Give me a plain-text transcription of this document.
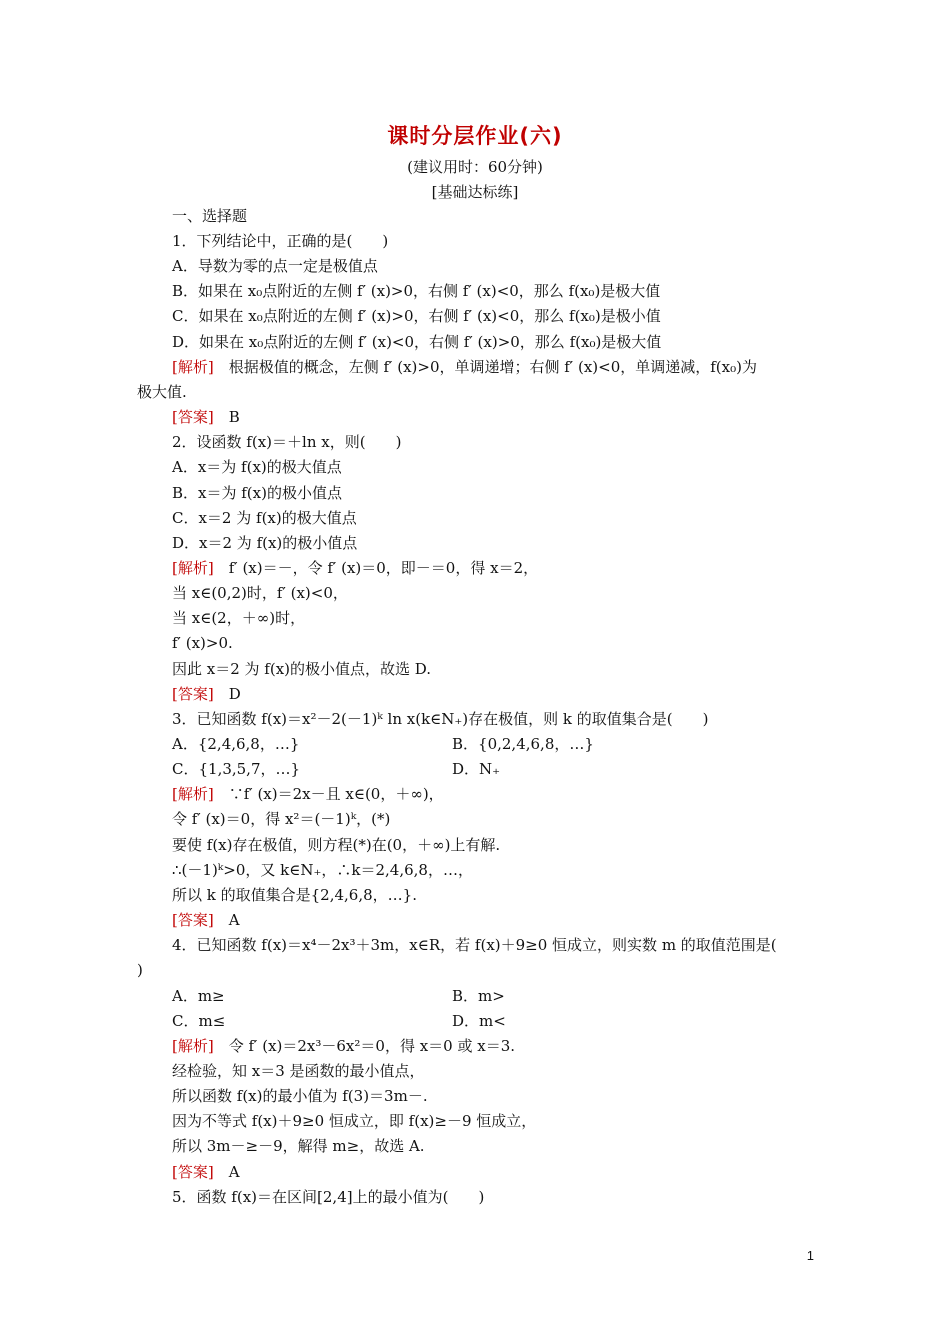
课时分层作业(六)
(建议用时：60分钟)
[基础达标练]
一、选择题
1．下列结论中，正确的是(　　)
A．导数为零的点一定是极值点
B．如果在 x₀点附近的左侧 f′ (x)>0，右侧 f′ (x)<0，那么 f(x₀)是极大值
C．如果在 x₀点附近的左侧 f′ (x)>0，右侧 f′ (x)<0，那么 f(x₀)是极小值
D．如果在 x₀点附近的左侧 f′ (x)<0，右侧 f′ (x)>0，那么 f(x₀)是极大值
[解析]　根据极值的概念，左侧 f′ (x)>0，单调递增；右侧 f′ (x)<0，单调递减，f(x₀)为
极大值.
[答案]　B
2．设函数 f(x)＝＋ln x，则(　　)
A．x＝为 f(x)的极大值点
B．x＝为 f(x)的极小值点
C．x＝2 为 f(x)的极大值点
D．x＝2 为 f(x)的极小值点
[解析]　f′ (x)＝－，令 f′ (x)＝0，即－＝0，得 x＝2，
当 x∈(0,2)时，f′ (x)<0，
当 x∈(2，＋∞)时，
f′ (x)>0.
因此 x＝2 为 f(x)的极小值点，故选 D.
[答案]　D
3．已知函数 f(x)＝x²－2(－1)ᵏ ln x(k∈N₊)存在极值，则 k 的取值集合是(　　)
A．{2,4,6,8，…}	B．{0,2,4,6,8，…}
C．{1,3,5,7，…}	D．N₊
[解析]　∵f′ (x)＝2x－且 x∈(0，＋∞)，
令 f′ (x)＝0，得 x²＝(－1)ᵏ，(*)
要使 f(x)存在极值，则方程(*)在(0，＋∞)上有解.
∴(－1)ᵏ>0，又 k∈N₊，∴k＝2,4,6,8，…，
所以 k 的取值集合是{2,4,6,8，…}.
[答案]　A
4．已知函数 f(x)＝x⁴－2x³＋3m，x∈R，若 f(x)＋9≥0 恒成立，则实数 m 的取值范围是(
)
A．m≥	B．m>
C．m≤	D．m<
[解析]　令 f′ (x)＝2x³－6x²＝0，得 x＝0 或 x＝3.
经检验，知 x＝3 是函数的最小值点，
所以函数 f(x)的最小值为 f(3)＝3m－.
因为不等式 f(x)＋9≥0 恒成立，即 f(x)≥－9 恒成立，
所以 3m－≥－9，解得 m≥，故选 A.
[答案]　A
5．函数 f(x)＝在区间[2,4]上的最小值为(　　)
1
